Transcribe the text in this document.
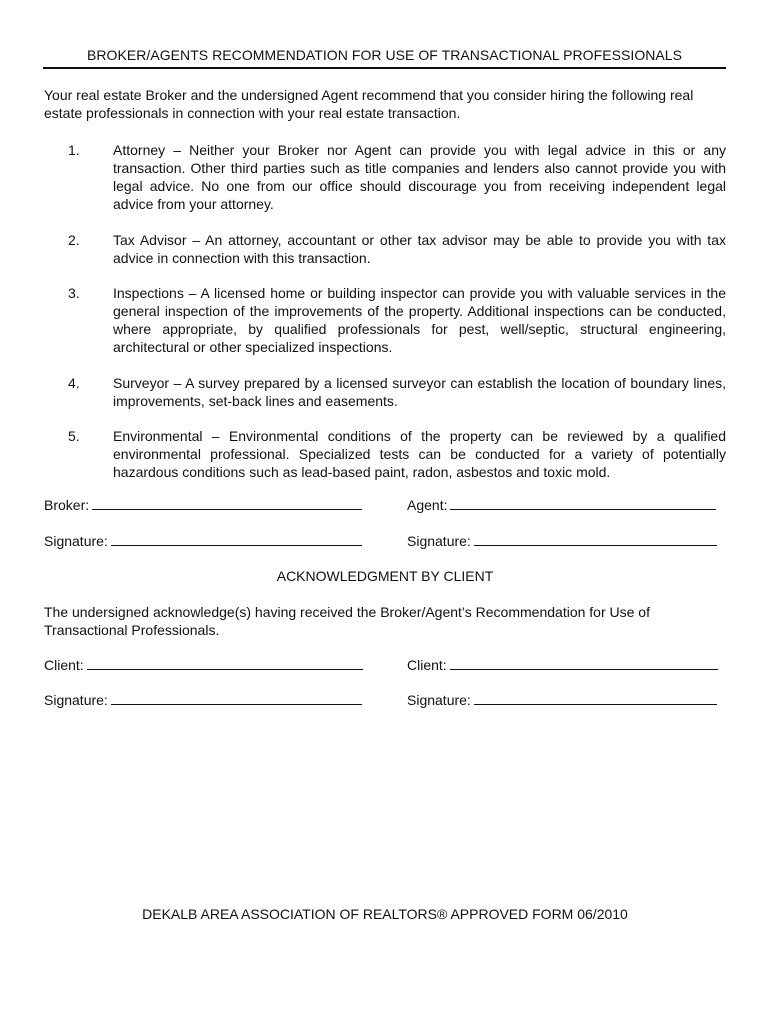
BROKER/AGENTS RECOMMENDATION FOR USE OF TRANSACTIONAL PROFESSIONALS

Your real estate Broker and the undersigned Agent recommend that you consider hiring the following real estate professionals in connection with your real estate transaction.

1.	Attorney – Neither your Broker nor Agent can provide you with legal advice in this or any transaction. Other third parties such as title companies and lenders also cannot provide you with legal advice. No one from our office should discourage you from receiving independent legal advice from your attorney.
2.	Tax Advisor – An attorney, accountant or other tax advisor may be able to provide you with tax advice in connection with this transaction.
3.	Inspections – A licensed home or building inspector can provide you with valuable services in the general inspection of the improvements of the property. Additional inspections can be conducted, where appropriate, by qualified professionals for pest, well/septic, structural engineering, architectural or other specialized inspections.
4.	Surveyor – A survey prepared by a licensed surveyor can establish the location of boundary lines, improvements, set-back lines and easements.
5.	Environmental – Environmental conditions of the property can be reviewed by a qualified environmental professional. Specialized tests can be conducted for a variety of potentially hazardous conditions such as lead-based paint, radon, asbestos and toxic mold.
Broker:	Agent:
Signature:	Signature:
ACKNOWLEDGMENT BY CLIENT

The undersigned acknowledge(s) having received the Broker/Agent’s Recommendation for Use of Transactional Professionals.

Client:	Client:
Signature:	Signature:
DEKALB AREA ASSOCIATION OF REALTORS® APPROVED FORM 06/2010
